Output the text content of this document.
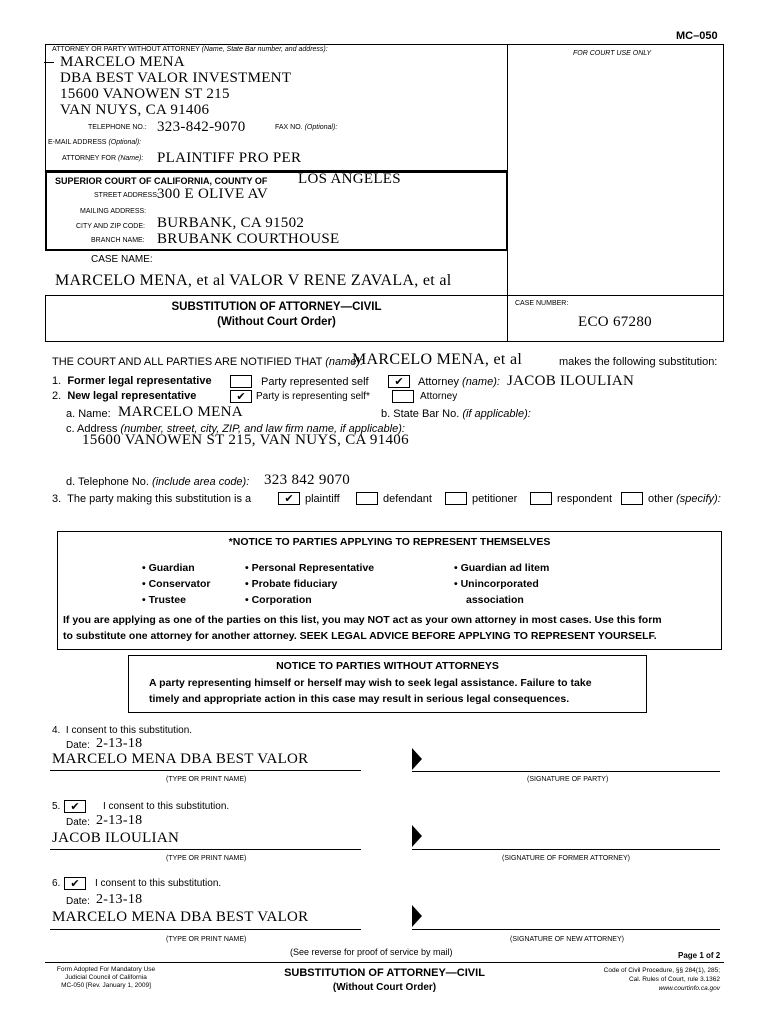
MC–050
FOR COURT USE ONLY
ATTORNEY OR PARTY WITHOUT ATTORNEY (Name, State Bar number, and address):
MARCELO MENA
DBA BEST VALOR INVESTMENT
15600 VANOWEN ST 215
VAN NUYS, CA 91406
TELEPHONE NO.: 323-842-9070	FAX NO. (Optional):
E-MAIL ADDRESS (Optional):
ATTORNEY FOR (Name): PLAINTIFF PRO PER
SUPERIOR COURT OF CALIFORNIA, COUNTY OF LOS ANGELES
STREET ADDRESS:
300 E OLIVE AV
MAILING ADDRESS:
CITY AND ZIP CODE: BURBANK, CA 91502
BRANCH NAME: BRUBANK COURTHOUSE
CASE NAME:
MARCELO MENA, et al VALOR V RENE ZAVALA, et al
SUBSTITUTION OF ATTORNEY—CIVIL
(Without Court Order)
CASE NUMBER:
ECO 67280
THE COURT AND ALL PARTIES ARE NOTIFIED THAT (name):
MARCELO MENA, et al	makes the following substitution:
1. Former legal representative	Party represented self	✔	Attorney (name): JACOB ILOULIAN
2. New legal representative	✔	Party is representing self*	Attorney
a. Name: MARCELO MENA	b. State Bar No. (if applicable):
c. Address (number, street, city, ZIP, and law firm name, if applicable):
15600 VANOWEN ST 215, VAN NUYS, CA 91406
d. Telephone No. (include area code): 323 842 9070
3. The party making this substitution is a	✔	plaintiff	defendant	petitioner	respondent	other (specify):
*NOTICE TO PARTIES APPLYING TO REPRESENT THEMSELVES
• Guardian
• Conservator
• Trustee
• Personal Representative
• Probate fiduciary
• Corporation
• Guardian ad litem
• Unincorporated
association
If you are applying as one of the parties on this list, you may NOT act as your own attorney in most cases. Use this form
to substitute one attorney for another attorney. SEEK LEGAL ADVICE BEFORE APPLYING TO REPRESENT YOURSELF.
NOTICE TO PARTIES WITHOUT ATTORNEYS
A party representing himself or herself may wish to seek legal assistance. Failure to take
timely and appropriate action in this case may result in serious legal consequences.
4. I consent to this substitution.
Date: 2-13-18
MARCELO MENA DBA BEST VALOR
(TYPE OR PRINT NAME)	(SIGNATURE OF PARTY)
5. ✔	I consent to this substitution.
Date: 2-13-18
JACOB ILOULIAN
(TYPE OR PRINT NAME)	(SIGNATURE OF FORMER ATTORNEY)
6. ✔	I consent to this substitution.
Date: 2-13-18
MARCELO MENA DBA BEST VALOR
(TYPE OR PRINT NAME)	(SIGNATURE OF NEW ATTORNEY)
(See reverse for proof of service by mail)	Page 1 of 2
Form Adopted For Mandatory Use
Judicial Council of California
MC-050 [Rev. January 1, 2009]
SUBSTITUTION OF ATTORNEY—CIVIL
(Without Court Order)
Code of Civil Procedure, §§ 284(1), 285;
Cal. Rules of Court, rule 3.1362
www.courtinfo.ca.gov
